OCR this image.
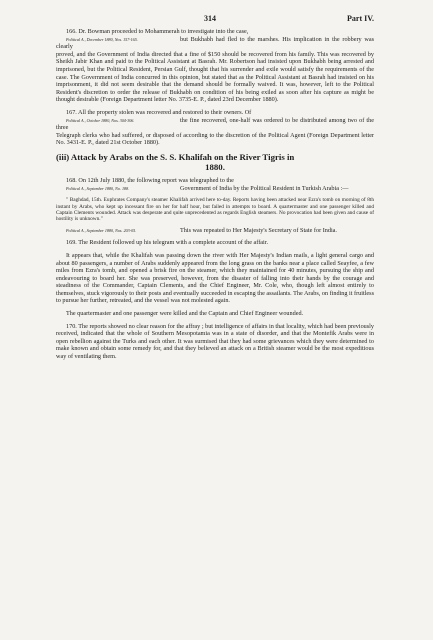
314	Part IV.

166. Dr. Bowman proceeded to Mohammerah to investigate into the case,

Political A., December 1880, Nos. 157-165.	but Bukhabh had fled to the marshes. His implication in the robbery was clearly

proved, and the Government of India directed that a fine of $150 should be recovered from his family. This was recovered by Sheikh Jabir Khan and paid to the Political Assistant at Basrah. Mr. Robertson had insisted upon Bukhabh being arrested and imprisoned, but the Political Resident, Persian Gulf, thought that his surrender and exile would satisfy the requirements of the case. The Government of India concurred in this opinion, but stated that as the Political Assistant at Basrah had insisted on his imprisonment, it did not seem desirable that the demand should be formally waived. It was, however, left to the Political Resident's discretion to order the release of Bukhabh on condition of his being exiled as soon after his capture as might be thought desirable (Foreign Department letter No. 3735-E. P., dated 23rd December 1880).

167. All the property stolen was recovered and restored to their owners. Of

Political A., October 1880, Nos. 304-306.	the fine recovered, one-half was ordered to be distributed among two of the three

Telegraph clerks who had suffered, or disposed of according to the discretion of the Political Agent (Foreign Department letter No. 3431-E. P., dated 21st October 1880).

(iii) Attack by Arabs on the S. S. Khalifah on the River Tigris in
1880.

168. On 12th July 1880, the following report was telegraphed to the

Political A., September 1880, No. 188.	Government of India by the Political Resident in Turkish Arabia :—

" Baghdad, 15th. Euphrates Company's steamer Khalifah arrived here to-day. Reports having been attacked near Ezra's tomb on morning of 8th instant by Arabs, who kept up incessant fire on her for half hour, but failed in attempts to board. A quartermaster and one passenger killed and Captain Clements wounded. Attack was desperate and quite unprecedented as regards English steamers. No provocation had been given and cause of hostility is unknown."

Political A., September 1880, Nos. 203-05.	This was repeated to Her Majesty's Secretary of State for India.

169. The Resident followed up his telegram with a complete account of the affair.

It appears that, while the Khalifah was passing down the river with Her Majesty's Indian mails, a light general cargo and about 80 passengers, a number of Arabs suddenly appeared from the long grass on the banks near a place called Seayfee, a few miles from Ezra's tomb, and opened a brisk fire on the steamer, which they maintained for 40 minutes, pursuing the ship and endeavouring to board her. She was preserved, however, from the disaster of falling into their hands by the courage and steadiness of the Commander, Captain Clements, and the Chief Engineer, Mr. Cole, who, though left almost entirely to themselves, stuck vigorously to their posts and eventually succeeded in escaping the assailants. The Arabs, on finding it fruitless to pursue her further, retreated, and the vessel was not molested again.

The quartermaster and one passenger were killed and the Captain and Chief Engineer wounded.

170. The reports showed no clear reason for the affray ; but intelligence of affairs in that locality, which had been previously received, indicated that the whole of Southern Mesopotamia was in a state of disorder, and that the Montefik Arabs were in open rebellion against the Turks and each other. It was surmised that they had some grievances which they were determined to make known and obtain some remedy for, and that they believed an attack on a British steamer would be the most expeditious way of ventilating them.
